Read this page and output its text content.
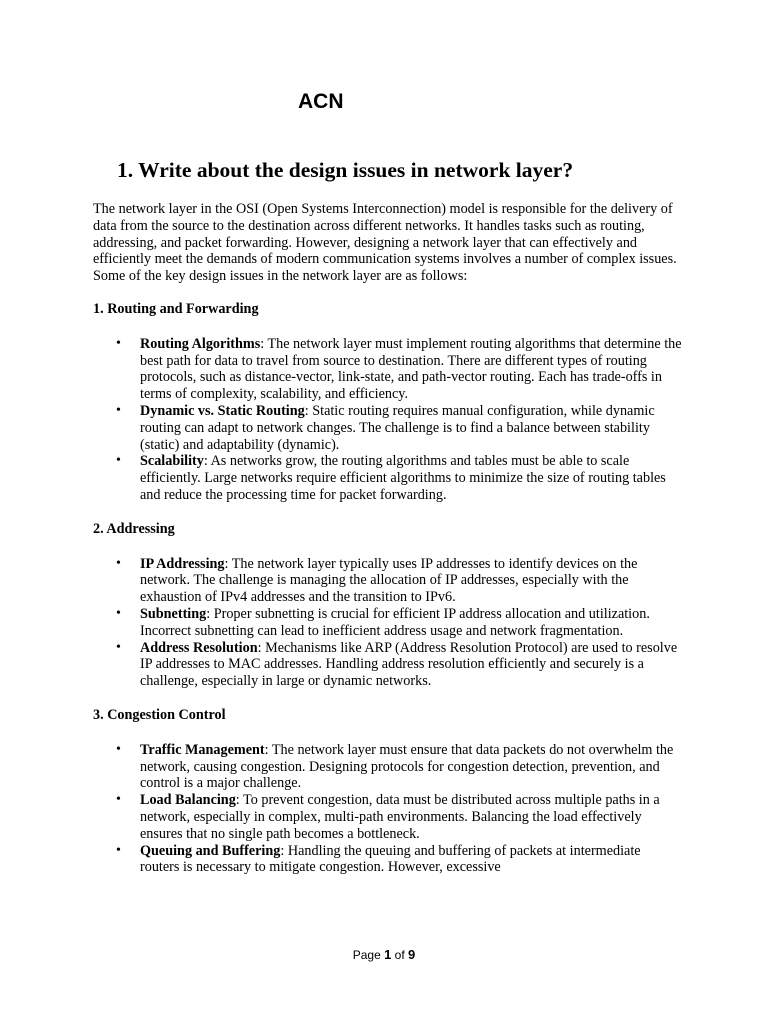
ACN
1. Write about the design issues in network layer?

The network layer in the OSI (Open Systems Interconnection) model is responsible for the delivery of data from the source to the destination across different networks. It handles tasks such as routing, addressing, and packet forwarding. However, designing a network layer that can effectively and efficiently meet the demands of modern communication systems involves a number of complex issues. Some of the key design issues in the network layer are as follows:

1. Routing and Forwarding

• Routing Algorithms: The network layer must implement routing algorithms that determine the best path for data to travel from source to destination. There are different types of routing protocols, such as distance-vector, link-state, and path-vector routing. Each has trade-offs in terms of complexity, scalability, and efficiency.
• Dynamic vs. Static Routing: Static routing requires manual configuration, while dynamic routing can adapt to network changes. The challenge is to find a balance between stability (static) and adaptability (dynamic).
• Scalability: As networks grow, the routing algorithms and tables must be able to scale efficiently. Large networks require efficient algorithms to minimize the size of routing tables and reduce the processing time for packet forwarding.

2. Addressing

• IP Addressing: The network layer typically uses IP addresses to identify devices on the network. The challenge is managing the allocation of IP addresses, especially with the exhaustion of IPv4 addresses and the transition to IPv6.
• Subnetting: Proper subnetting is crucial for efficient IP address allocation and utilization. Incorrect subnetting can lead to inefficient address usage and network fragmentation.
• Address Resolution: Mechanisms like ARP (Address Resolution Protocol) are used to resolve IP addresses to MAC addresses. Handling address resolution efficiently and securely is a challenge, especially in large or dynamic networks.

3. Congestion Control

• Traffic Management: The network layer must ensure that data packets do not overwhelm the network, causing congestion. Designing protocols for congestion detection, prevention, and control is a major challenge.
• Load Balancing: To prevent congestion, data must be distributed across multiple paths in a network, especially in complex, multi-path environments. Balancing the load effectively ensures that no single path becomes a bottleneck.
• Queuing and Buffering: Handling the queuing and buffering of packets at intermediate routers is necessary to mitigate congestion. However, excessive
Page 1 of 9
